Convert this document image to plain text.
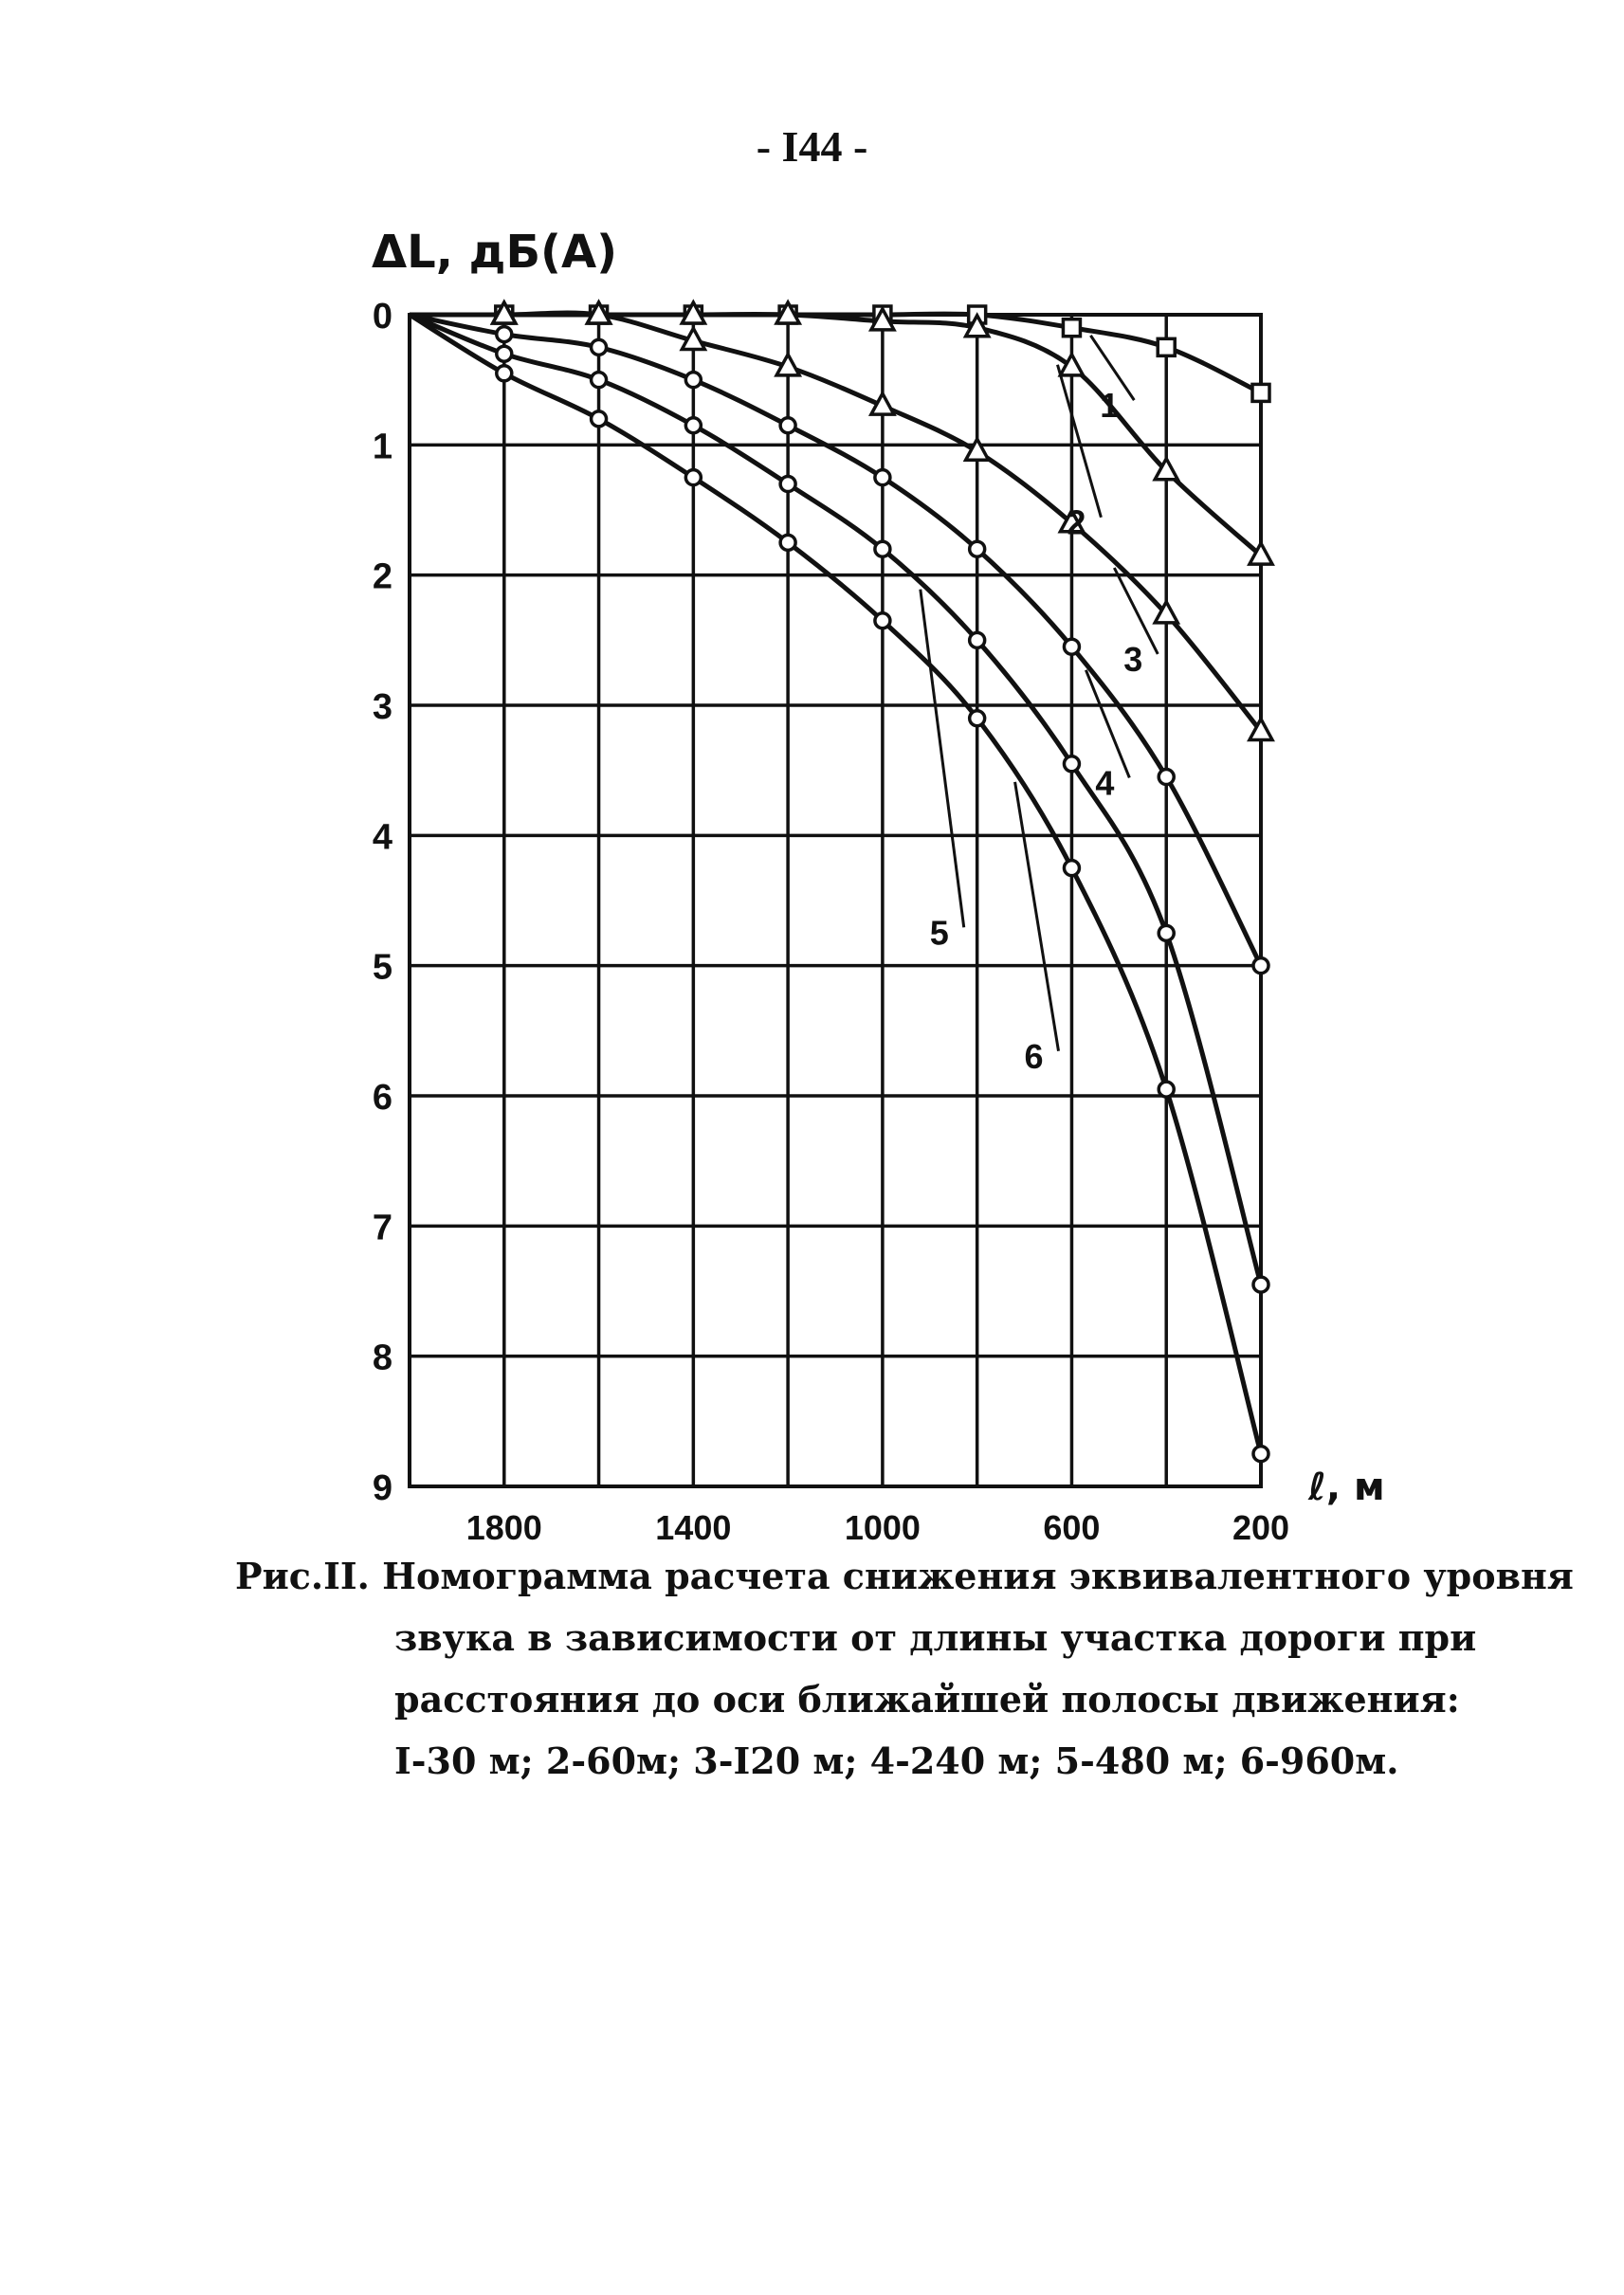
- I44 -
1
2
3
4
5
6
0
1
2
3
4
5
6
7
8
9
1800	1400	1000	600	200
ΔL, дБ(А)
ℓ, м
Рис.II. Номограмма расчета снижения эквивалентного уровня
звука в зависимости от длины участка дороги при
расстояния до оси ближайшей полосы движения:
I-30 м; 2-60м; 3-I20 м; 4-240 м; 5-480 м; 6-960м.
